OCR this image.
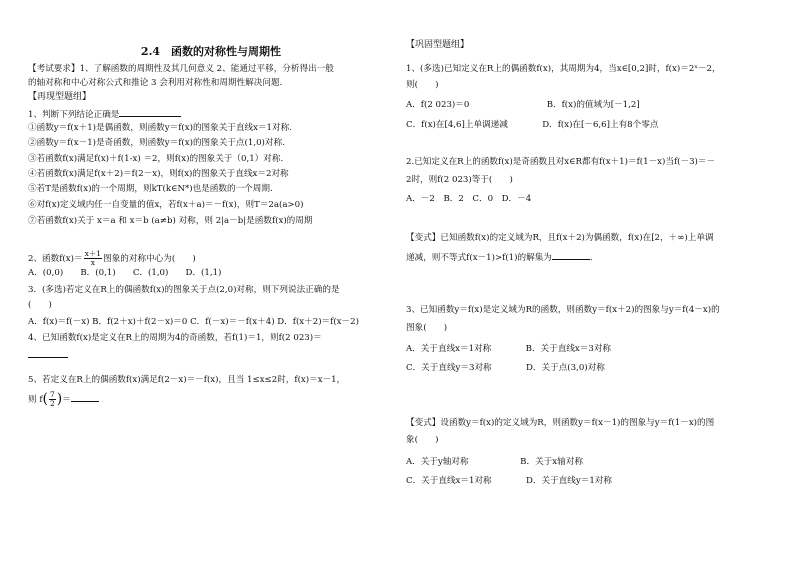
2.4　函数的对称性与周期性
【考试要求】1、了解函数的周期性及其几何意义 2、能通过平移，分析得出一般
的轴对称和中心对称公式和推论 3 会利用对称性和周期性解决问题.
【再现型题组】
1、判断下列结论正确是
①函数y＝f(x＋1)是偶函数，则函数y＝f(x)的图象关于直线x＝1对称.
②函数y＝f(x－1)是奇函数，则函数y＝f(x)的图象关于点(1,0)对称.
③若函数f(x)满足f(x)＋f(1-x) ＝2，则f(x)的图象关于（0,1）对称.
④若函数f(x)满足f(x＋2)＝f(2－x)，则f(x)的图象关于直线x＝2对称
⑤若T是函数f(x)的一个周期，则kT(k∈N*)也是函数的一个周期.
⑥对f(x)定义域内任一自变量的值x，若f(x＋a)＝－f(x)，则T＝2a(a>0)
⑦若函数f(x)关于 x＝a 和 x＝b (a≠b) 对称，则 2|a－b|是函数f(x)的周期
2、函数$f(x)= \frac{x+1}{x}$ 图象的对称中心为(　　)
A．(0,0)　　B．(0,1)　　C．(1,0)　　D．(1,1)
3．(多选)若定义在R上的偶函数f(x)的图象关于点(2,0)对称，则下列说法正确的是
(　　)
A．f(x)＝f(－x) B．f(2＋x)＋f(2－x)＝0 C．f(－x)＝－f(x＋4) D．f(x＋2)＝f(x－2)
4、已知函数f(x)是定义在R上的周期为4的奇函数，若f(1)＝1，则f(2 023)＝
5、若定义在R上的偶函数f(x)满足f(2－x)＝－f(x)，且当 1≤x≤2时，f(x)＝x－1，
则 $f( \frac{7}{2}$ )＝
【巩固型题组】
1、(多选)已知定义在R上的偶函数f(x)，其周期为4，当x∈[0,2]时，f(x)＝2ˣ－2，
则(　　)
A．f(2 023)＝0　　　　　　　　　B．f(x)的值域为[－1,2]
C．f(x)在[4,6]上单调递减　　　　D．f(x)在[－6,6]上有8个零点
2.已知定义在R上的函数f(x)是奇函数且对x∈R都有f(x＋1)＝f(1－x)当f(－3)＝－
2时，则f(2 023)等于(　　)
A．－2　B．2　C．0　D．－4
【变式】已知函数f(x)的定义域为R，且f(x＋2)为偶函数，f(x)在[2，＋∞)上单调
递减，则不等式f(x－1)>f(1)的解集为	.
3、已知函数y＝f(x)是定义域为R的函数，则函数y＝f(x＋2)的图象与y＝f(4－x)的
图象(　　)
A．关于直线x＝1对称　　　　B．关于直线x＝3对称
C．关于直线y＝3对称　　　　D．关于点(3,0)对称
【变式】设函数y＝f(x)的定义域为R，则函数y＝f(x－1)的图象与y＝f(1－x)的图
象(　　)
A．关于y轴对称　　　　　　B．关于x轴对称
C．关于直线x＝1对称　　　　D．关于直线y＝1对称
